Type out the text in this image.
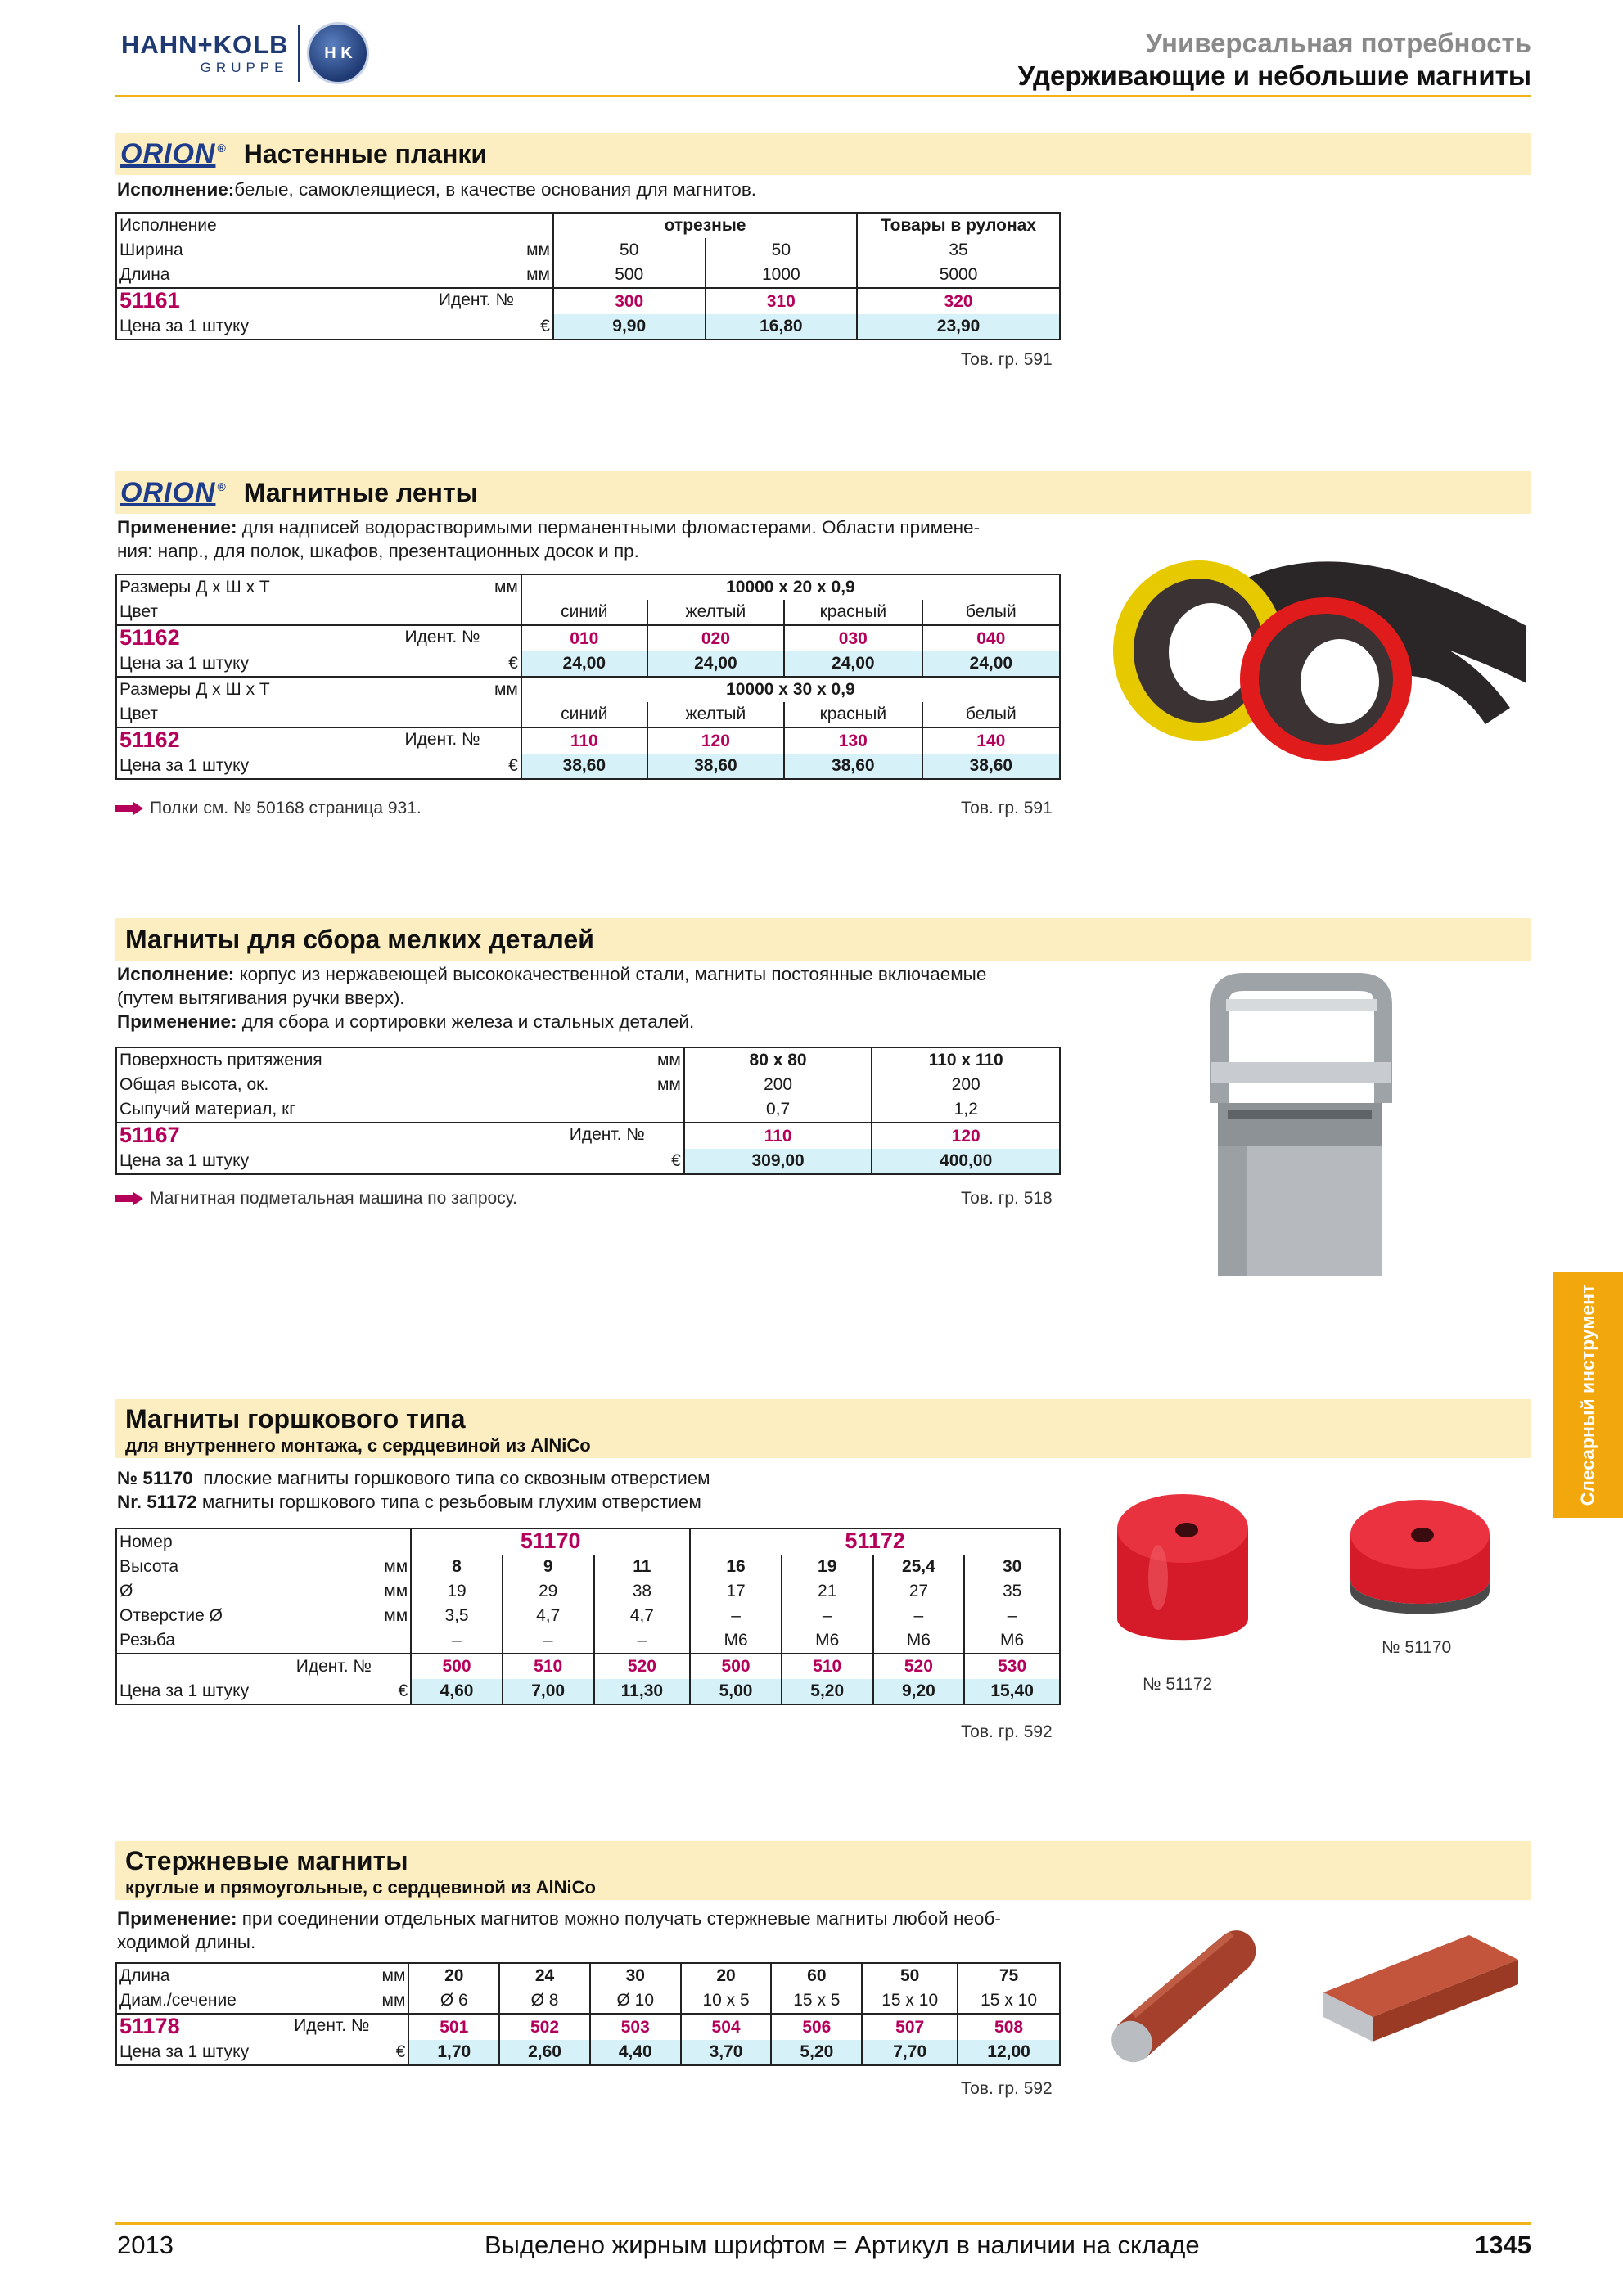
HAHN+KOLB
GRUPPE
H K	Универсальная потребность
Удерживающие и небольшие магниты
ORION ® Настенные планки
Исполнение:белые, самоклеящиеся, в качестве основания для магнитов.
Исполнение		отрезные		Товары в рулонах
Ширина	мм	50	50	35
Длина	мм	500	1000	5000
51161 Идент. №		300	310	320
Цена за 1 штуку	€	9,90	16,80	23,90
Тов. гр. 591
ORION ® Магнитные ленты
Применение: для надписей водорастворимыми перманентными фломастерами. Области примене-
ния: напр., для полок, шкафов, презентационных досок и пр.
Размеры Д х Ш х Т	мм	10000 x 20 x 0,9			
Цвет		синий	желтый	красный	белый
51162 Идент. №		010	020	030	040
Цена за 1 штуку	€	24,00	24,00	24,00	24,00
Размеры Д х Ш х Т	мм	10000 x 30 x 0,9			
Цвет		синий	желтый	красный	белый
51162 Идент. №		110	120	130	140
Цена за 1 штуку	€	38,60	38,60	38,60	38,60
Полки см. № 50168 страница 931.	Тов. гр. 591
Магниты для сбора мелких деталей
Исполнение: корпус из нержавеющей высококачественной стали, магниты постоянные включаемые
(путем вытягивания ручки вверх).
Применение: для сбора и сортировки железа и стальных деталей.
Поверхность притяжения	мм	80 x 80	110 x 110
Общая высота, ок.	мм	200	200
Сыпучий материал, кг		0,7	1,2
51167 Идент. №		110	120
Цена за 1 штуку	€	309,00	400,00
Магнитная подметальная машина по запросу.	Тов. гр. 518
Слесарный инструмент
Магниты горшкового типа
для внутреннего монтажа, с сердцевиной из AlNiCo
№ 51170 плоские магниты горшкового типа со сквозным отверстием
Nr. 51172 магниты горшкового типа с резьбовым глухим отверстием
Номер		51170			51172			
Высота	мм	8	9	11	16	19	25,4	30
Ø	мм	19	29	38	17	21	27	35
Отверстие Ø	мм	3,5	4,7	4,7	–	–	–	–
Резьба		–	–	–	M6	M6	M6	M6
Идент. №		500	510	520	500	510	520	530
Цена за 1 штуку	€	4,60	7,00	11,30	5,00	5,20	9,20	15,40
Тов. гр. 592
№ 51172
№ 51170
Стержневые магниты
круглые и прямоугольные, с сердцевиной из AlNiCo
Применение: при соединении отдельных магнитов можно получать стержневые магниты любой необ-
ходимой длины.
Длина	мм	20	24	30	20	60	50	75
Диам./сечение	мм	Ø 6	Ø 8	Ø 10	10 x 5	15 x 5	15 x 10	15 x 10
51178 Идент. №		501	502	503	504	506	507	508
Цена за 1 штуку	€	1,70	2,60	4,40	3,70	5,20	7,70	12,00
Тов. гр. 592
2013	Выделено жирным шрифтом = Артикул в наличии на складе	1345
